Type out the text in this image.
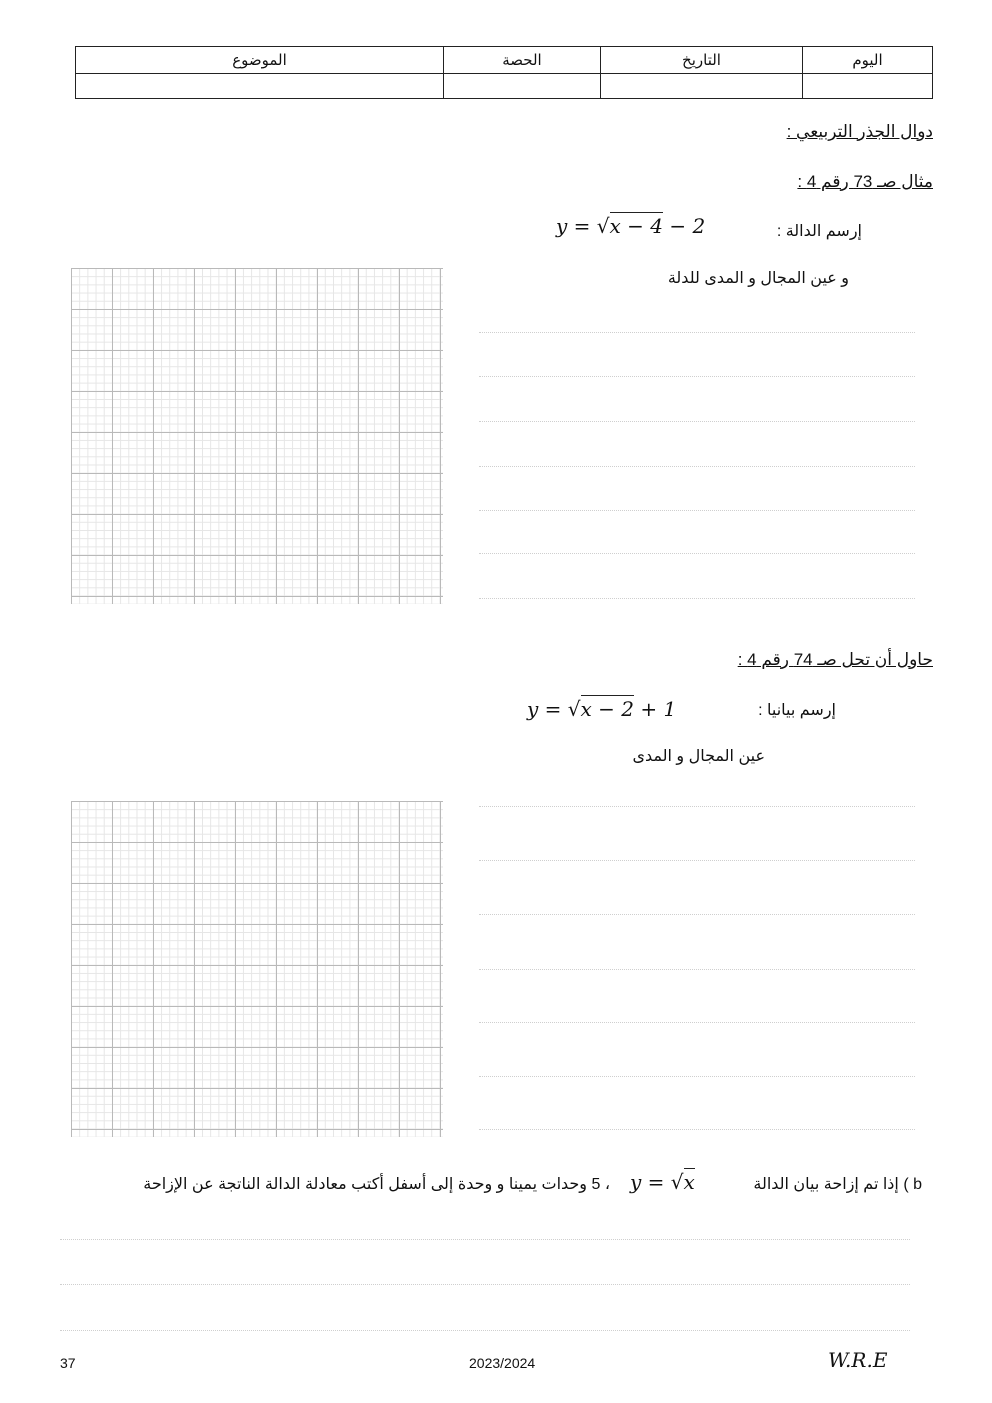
الموضوع	الحصة	التاريخ	اليوم

دوال الجذر التربيعي :
مثال صـ 73 رقم 4 :
إرسم الدالة :
y = √x − 4 − 2
و عين المجال و المدى للدلة
حاول أن تحل صـ 74 رقم 4 :
إرسم بيانيا :
y = √x − 2 + 1
عين المجال و المدى
b ) إذا تم إزاحة بيان الدالة
y = √x
، 5 وحدات يمينا و وحدة إلى أسفل أكتب معادلة الدالة الناتجة عن الإزاحة
37	2023/2024	W.R.E
